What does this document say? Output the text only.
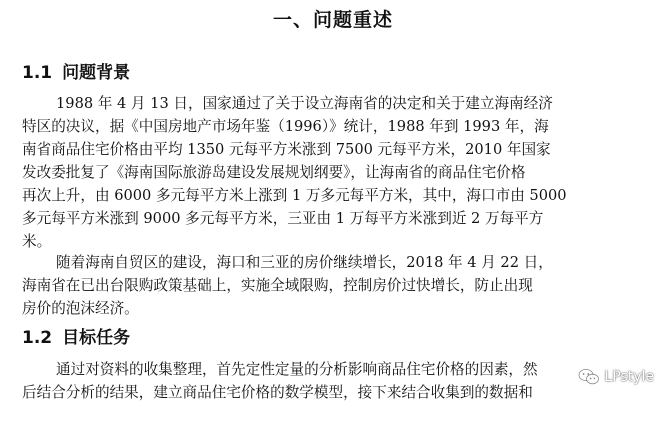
一、问题重述
1.1 问题背景
1988 年 4 月 13 日，国家通过了关于设立海南省的决定和关于建立海南经济
特区的决议，据《中国房地产市场年鉴（1996）》统计，1988 年到 1993 年，海
南省商品住宅价格由平均 1350 元每平方米涨到 7500 元每平方米，2010 年国家
发改委批复了《海南国际旅游岛建设发展规划纲要》，让海南省的商品住宅价格
再次上升，由 6000 多元每平方米上涨到 1 万多元每平方米，其中，海口市由 5000
多元每平方米涨到 9000 多元每平方米，三亚由 1 万每平方米涨到近 2 万每平方
米。
随着海南自贸区的建设，海口和三亚的房价继续增长，2018 年 4 月 22 日，
海南省在已出台限购政策基础上，实施全域限购，控制房价过快增长，防止出现
房价的泡沫经济。
1.2 目标任务
通过对资料的收集整理，首先定性定量的分析影响商品住宅价格的因素，然
后结合分析的结果，建立商品住宅价格的数学模型，接下来结合收集到的数据和
LPstyle
